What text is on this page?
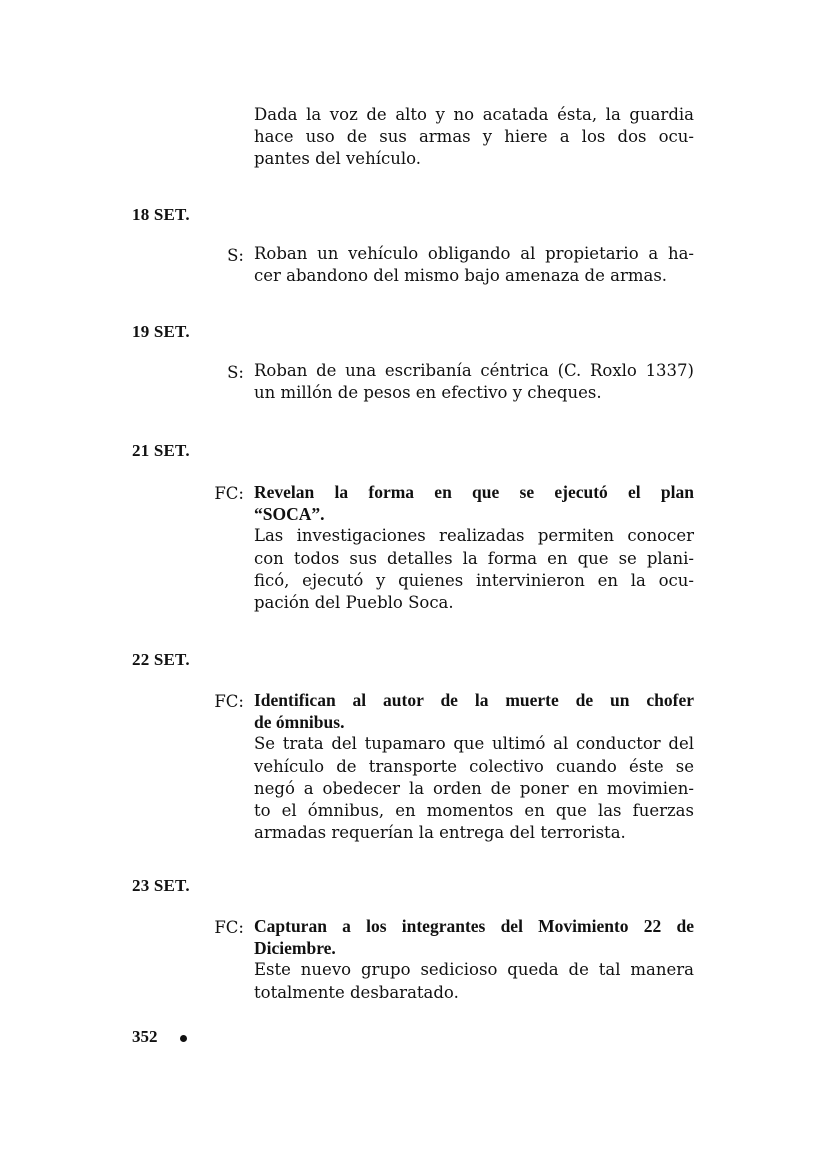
Dada la voz de alto y no acatada ésta, la guardia
hace uso de sus armas y hiere a los dos ocu-
pantes del vehículo.
18 SET.
S: Roban un vehículo obligando al propietario a ha-
cer abandono del mismo bajo amenaza de armas.
19 SET.
S: Roban de una escribanía céntrica (C. Roxlo 1337)
un millón de pesos en efectivo y cheques.
21 SET.
FC: Revelan la forma en que se ejecutó el plan
“SOCA”.
Las investigaciones realizadas permiten conocer
con todos sus detalles la forma en que se plani-
ficó, ejecutó y quienes intervinieron en la ocu-
pación del Pueblo Soca.
22 SET.
FC: Identifican al autor de la muerte de un chofer
de ómnibus.
Se trata del tupamaro que ultimó al conductor del
vehículo de transporte colectivo cuando éste se
negó a obedecer la orden de poner en movimien-
to el ómnibus, en momentos en que las fuerzas
armadas requerían la entrega del terrorista.
23 SET.
FC: Capturan a los integrantes del Movimiento 22 de
Diciembre.
Este nuevo grupo sedicioso queda de tal manera
totalmente desbaratado.
352
